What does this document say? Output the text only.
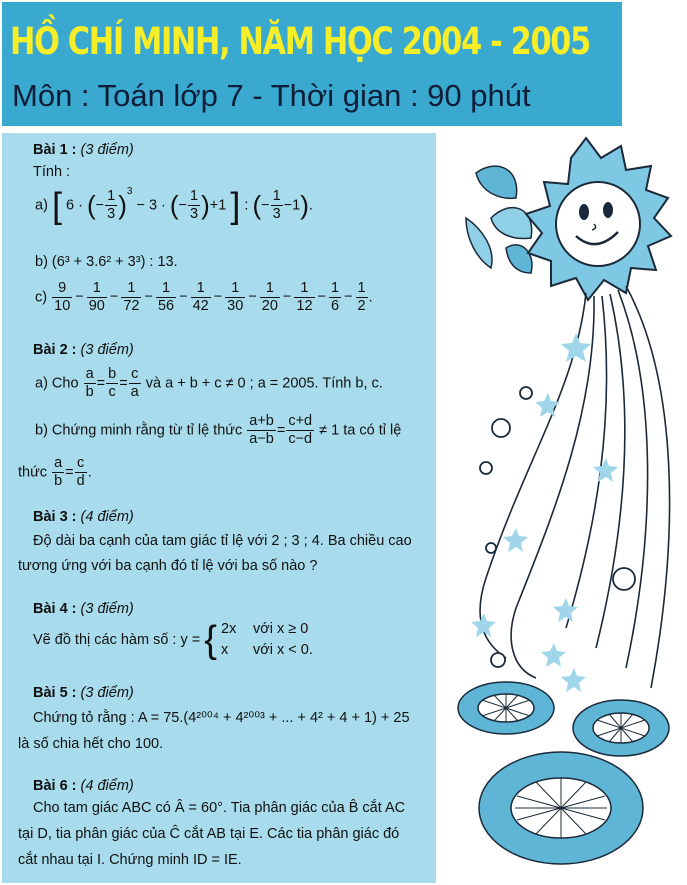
HỒ CHÍ MINH, NĂM HỌC 2004 - 2005
Môn : Toán lớp 7 - Thời gian : 90 phút
Bài 1 : (3 điểm)
Tính :
a) [ 6 · (− $\frac{1}{3} )^3 - 3$ · (− $\frac{1}{3} )+1$ ] : (− $\frac{1}{3} -1$).
b) (6³ + 3.6² + 3³) : 13.
$c) \frac{9}{10} - \frac{1}{90} - \frac{1}{72} - \frac{1}{56} - \frac{1}{42} - \frac{1}{30} - \frac{1}{20} - \frac{1}{12} - \frac{1}{6} - \frac{1}{2}$ .
Bài 2 : (3 điểm)
a) Cho $\frac{a}{b} = \frac{b}{c} = \frac{c}{a}$ và a + b + c ≠ 0 ; a = 2005. Tính b, c.
b) Chứng minh rằng từ tỉ lệ thức $\frac{a+b}{a-b} = \frac{c+d}{c-d} \ne 1$ ta có tỉ lệ
thức $\frac{a}{b} = \frac{c}{d}$ .
Bài 3 : (4 điểm)
Độ dài ba cạnh của tam giác tỉ lệ với 2 ; 3 ; 4. Ba chiều cao
tương ứng với ba cạnh đó tỉ lệ với ba số nào ?
Bài 4 : (3 điểm)
Vẽ đồ thị các hàm số : y = { 2x với x ≥ 0
x với x < 0.
Bài 5 : (3 điểm)
Chứng tỏ rằng : A = 75.(4²⁰⁰⁴ + 4²⁰⁰³ + ... + 4² + 4 + 1) + 25
là số chia hết cho 100.
Bài 6 : (4 điểm)
Cho tam giác ABC có Â = 60°. Tia phân giác của B̂ cắt AC
tại D, tia phân giác của Ĉ cắt AB tại E. Các tia phân giác đó
cắt nhau tại I. Chứng minh ID = IE.
